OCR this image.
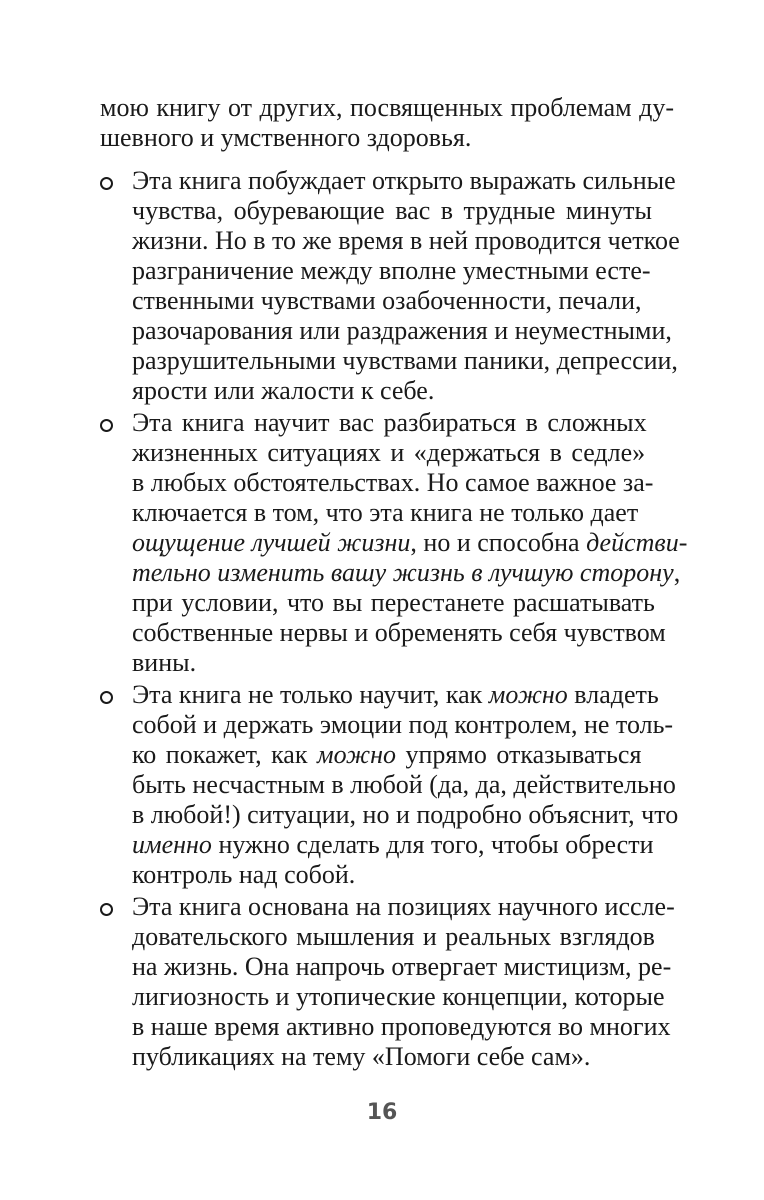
мою книгу от других, посвященных проблемам ду-
шевного и умственного здоровья.
Эта книга побуждает открыто выражать сильные
чувства, обуревающие вас в трудные минуты
жизни. Но в то же время в ней проводится четкое
разграничение между вполне уместными есте-
ственными чувствами озабоченности, печали,
разочарования или раздражения и неуместными,
разрушительными чувствами паники, депрессии,
ярости или жалости к себе.
Эта книга научит вас разбираться в сложных
жизненных ситуациях и «держаться в седле»
в любых обстоятельствах. Но самое важное за-
ключается в том, что эта книга не только дает
ощущение лучшей жизни, но и способна действи-
тельно изменить вашу жизнь в лучшую сторону,
при условии, что вы перестанете расшатывать
собственные нервы и обременять себя чувством
вины.
Эта книга не только научит, как можно владеть
собой и держать эмоции под контролем, не толь-
ко покажет, как можно упрямо отказываться
быть несчастным в любой (да, да, действительно
в любой!) ситуации, но и подробно объяснит, что
именно нужно сделать для того, чтобы обрести
контроль над собой.
Эта книга основана на позициях научного иссле-
довательского мышления и реальных взглядов
на жизнь. Она напрочь отвергает мистицизм, ре-
лигиозность и утопические концепции, которые
в наше время активно проповедуются во многих
публикациях на тему «Помоги себе сам».
16
